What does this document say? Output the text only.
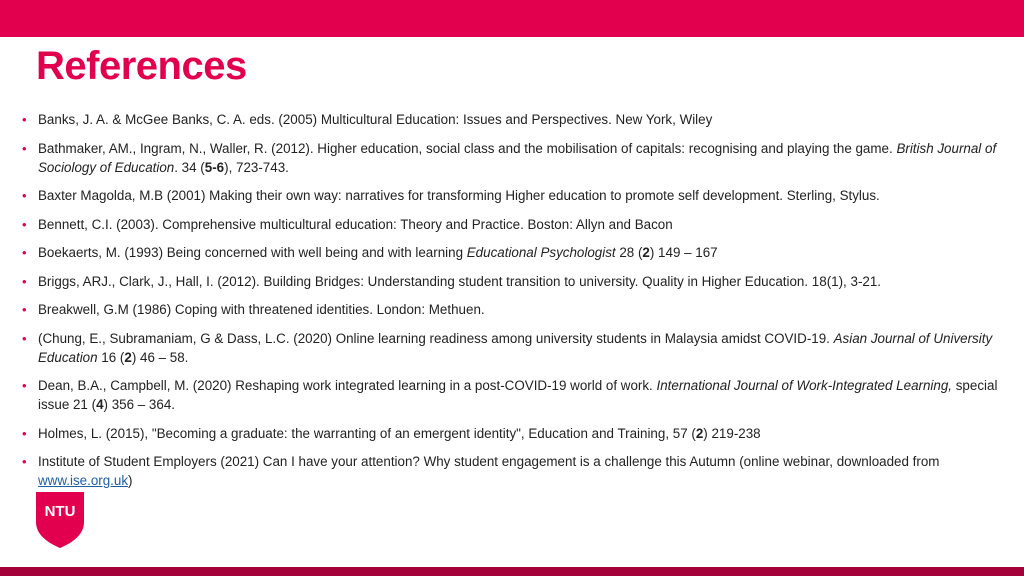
References
• Banks, J. A. & McGee Banks, C. A. eds. (2005) Multicultural Education: Issues and Perspectives. New York, Wiley
• Bathmaker, AM., Ingram, N., Waller, R. (2012). Higher education, social class and the mobilisation of capitals: recognising and playing the game. British Journal of Sociology of Education. 34 (5-6), 723-743.
• Baxter Magolda, M.B (2001) Making their own way: narratives for transforming Higher education to promote self development. Sterling, Stylus.
• Bennett, C.I. (2003). Comprehensive multicultural education: Theory and Practice. Boston: Allyn and Bacon
• Boekaerts, M. (1993) Being concerned with well being and with learning Educational Psychologist 28 (2) 149 – 167
• Briggs, ARJ., Clark, J., Hall, I. (2012). Building Bridges: Understanding student transition to university. Quality in Higher Education. 18(1), 3-21.
• Breakwell, G.M (1986) Coping with threatened identities. London: Methuen.
• (Chung, E., Subramaniam, G & Dass, L.C. (2020) Online learning readiness among university students in Malaysia amidst COVID-19. Asian Journal of University Education 16 (2) 46 – 58.
• Dean, B.A., Campbell, M. (2020) Reshaping work integrated learning in a post-COVID-19 world of work. International Journal of Work-Integrated Learning, special issue 21 (4) 356 – 364.
• Holmes, L. (2015), "Becoming a graduate: the warranting of an emergent identity", Education and Training, 57 (2) 219-238
• Institute of Student Employers (2021) Can I have your attention? Why student engagement is a challenge this Autumn (online webinar, downloaded from www.ise.org.uk)
NTU
